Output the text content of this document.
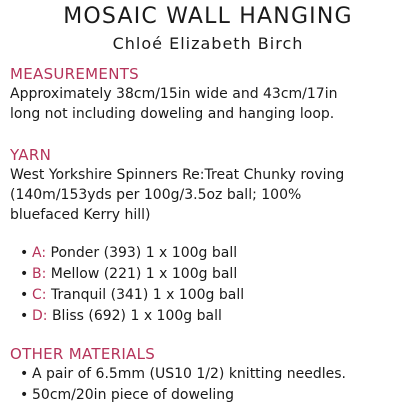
MOSAIC WALL HANGING
Chloé Elizabeth Birch
MEASUREMENTS

Approximately 38cm/15in wide and 43cm/17in

long not including doweling and hanging loop.

YARN

West Yorkshire Spinners Re:Treat Chunky roving

(140m/153yds per 100g/3.5oz ball; 100%

bluefaced Kerry hill)

• A: Ponder (393) 1 x 100g ball
• B: Mellow (221) 1 x 100g ball
• C: Tranquil (341) 1 x 100g ball
• D: Bliss (692) 1 x 100g ball
OTHER MATERIALS
• A pair of 6.5mm (US10 1/2) knitting needles.
• 50cm/20in piece of doweling
